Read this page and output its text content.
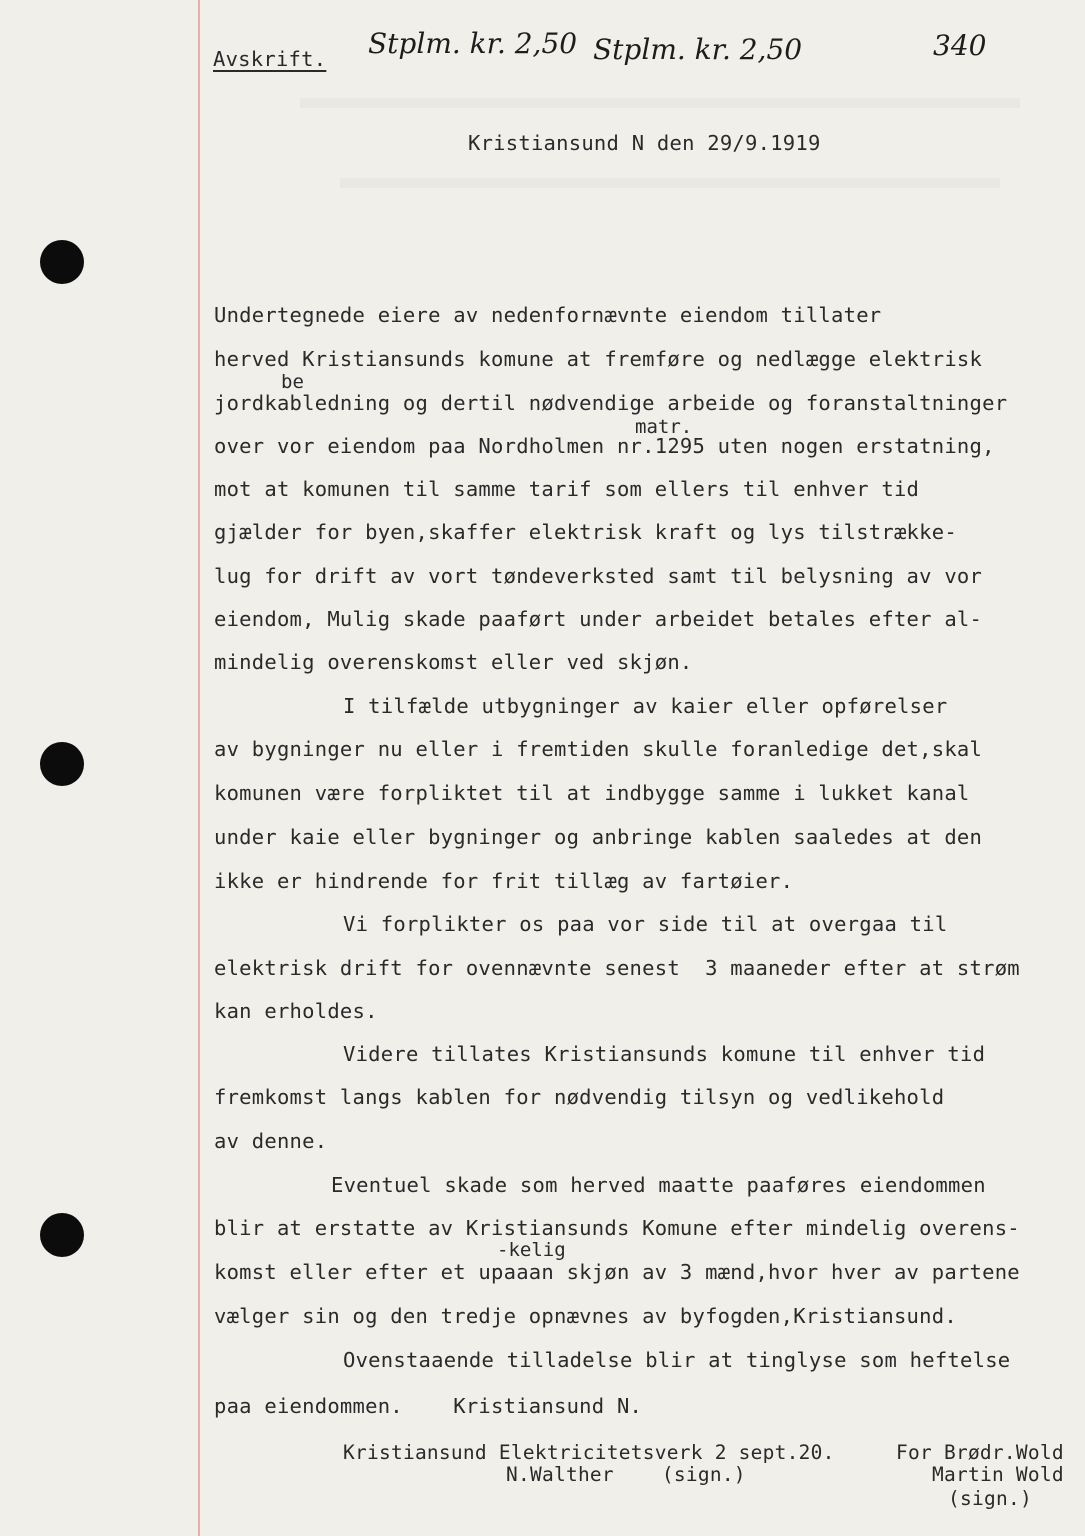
Avskrift. Stplm. kr. 2,50 Stplm. kr. 2,50	340
Kristiansund N den 29/9.1919
be
matr.
-kelig
Undertegnede eiere av nedenfornævnte eiendom tillater
herved Kristiansunds komune at fremføre og nedlægge elektrisk
jordkabledning og dertil nødvendige arbeide og foranstaltninger
over vor eiendom paa Nordholmen nr.1295 uten nogen erstatning,
mot at komunen til samme tarif som ellers til enhver tid
gjælder for byen,skaffer elektrisk kraft og lys tilstrække-
lug for drift av vort tøndeverksted samt til belysning av vor
eiendom, Mulig skade paaført under arbeidet betales efter al-
mindelig overenskomst eller ved skjøn.
I tilfælde utbygninger av kaier eller opførelser
av bygninger nu eller i fremtiden skulle foranledige det,skal
komunen være forpliktet til at indbygge samme i lukket kanal
under kaie eller bygninger og anbringe kablen saaledes at den
ikke er hindrende for frit tillæg av fartøier.
Vi forplikter os paa vor side til at overgaa til
elektrisk drift for ovennævnte senest  3 maaneder efter at strøm
kan erholdes.
Videre tillates Kristiansunds komune til enhver tid
fremkomst langs kablen for nødvendig tilsyn og vedlikehold
av denne.
Eventuel skade som herved maatte paaføres eiendommen
blir at erstatte av Kristiansunds Komune efter mindelig overens-
komst eller efter et upaaan skjøn av 3 mænd,hvor hver av partene
vælger sin og den tredje opnævnes av byfogden,Kristiansund.
Ovenstaaende tilladelse blir at tinglyse som heftelse
paa eiendommen.    Kristiansund N.
Kristiansund Elektricitetsverk 2 sept.20.
N.Walther    (sign.)
For Brødr.Wold
Martin Wold
(sign.)
